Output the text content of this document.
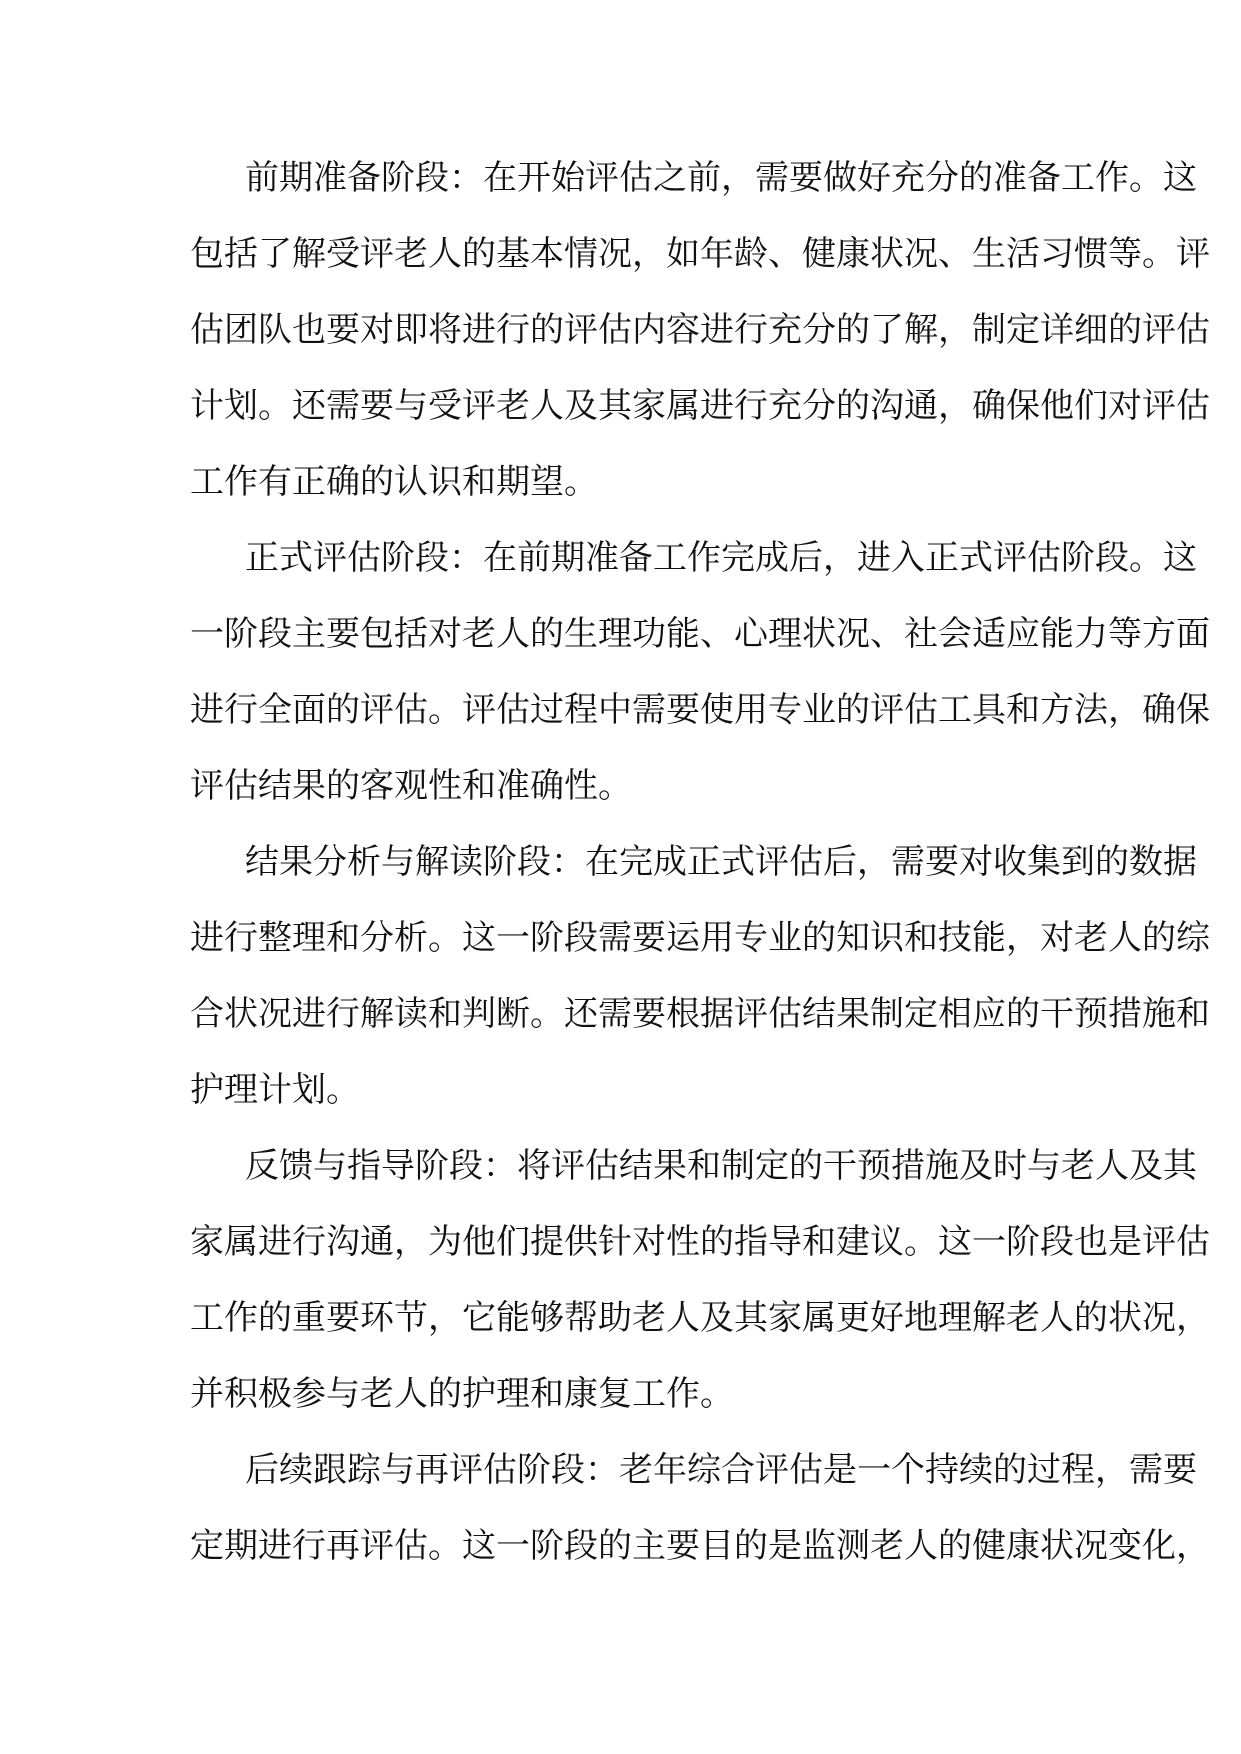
前期准备阶段：在开始评估之前，需要做好充分的准备工作。这
包括了解受评老人的基本情况，如年龄、健康状况、生活习惯等。评
估团队也要对即将进行的评估内容进行充分的了解，制定详细的评估
计划。还需要与受评老人及其家属进行充分的沟通，确保他们对评估
工作有正确的认识和期望。
正式评估阶段：在前期准备工作完成后，进入正式评估阶段。这
一阶段主要包括对老人的生理功能、心理状况、社会适应能力等方面
进行全面的评估。评估过程中需要使用专业的评估工具和方法，确保
评估结果的客观性和准确性。
结果分析与解读阶段：在完成正式评估后，需要对收集到的数据
进行整理和分析。这一阶段需要运用专业的知识和技能，对老人的综
合状况进行解读和判断。还需要根据评估结果制定相应的干预措施和
护理计划。
反馈与指导阶段：将评估结果和制定的干预措施及时与老人及其
家属进行沟通，为他们提供针对性的指导和建议。这一阶段也是评估
工作的重要环节，它能够帮助老人及其家属更好地理解老人的状况，
并积极参与老人的护理和康复工作。
后续跟踪与再评估阶段：老年综合评估是一个持续的过程，需要
定期进行再评估。这一阶段的主要目的是监测老人的健康状况变化，
